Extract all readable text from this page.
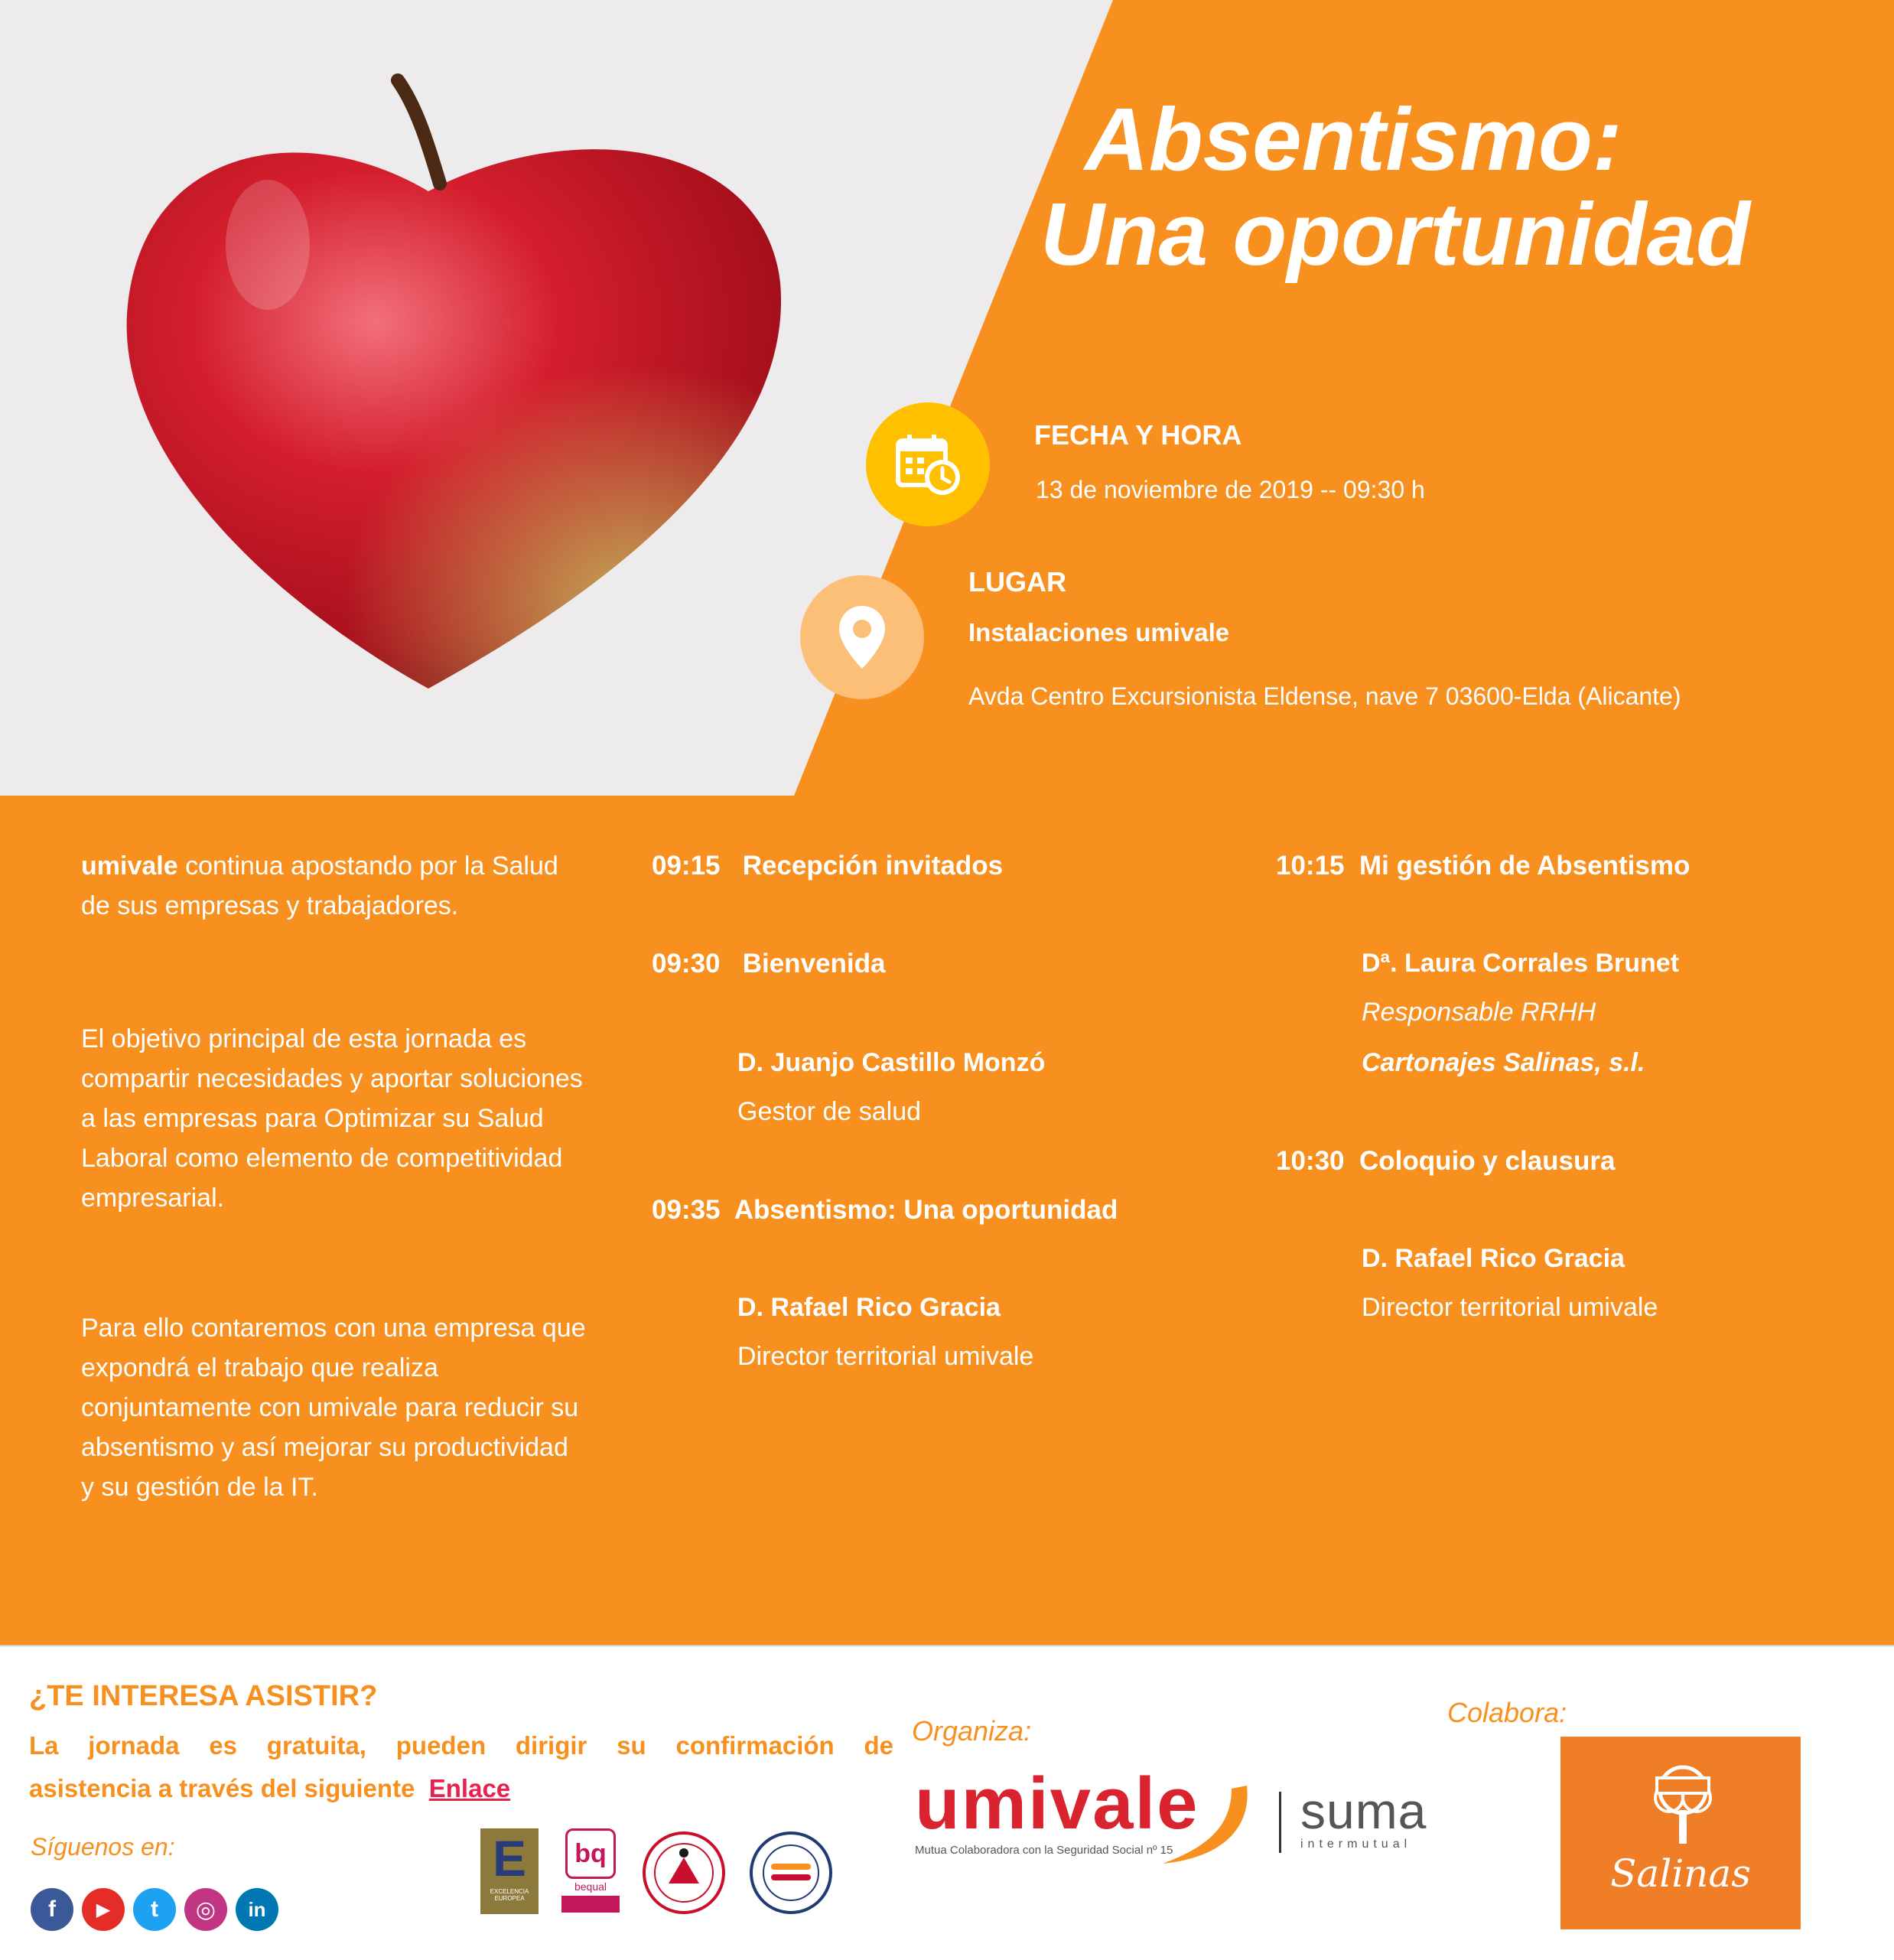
Absentismo:
Una oportunidad
FECHA Y HORA
13 de noviembre de 2019 -- 09:30 h
LUGAR
Instalaciones umivale
Avda Centro Excursionista Eldense, nave 7 03600-Elda (Alicante)
umivale continua apostando por la Salud de sus empresas y trabajadores.
El objetivo principal de esta jornada es compartir necesidades y aportar soluciones a las empresas para Optimizar su Salud Laboral como elemento de competitividad empresarial.
Para ello contaremos con una empresa que expondrá el trabajo que realiza conjuntamente con umivale para reducir su absentismo y así mejorar su productividad y su gestión de la IT.
09:15 Recepción invitados
09:30 Bienvenida
D. Juanjo Castillo Monzó
Gestor de salud
09:35 Absentismo: Una oportunidad
D. Rafael Rico Gracia
Director territorial umivale
10:15 Mi gestión de Absentismo
Dª. Laura Corrales Brunet
Responsable RRHH
Cartonajes Salinas, s.l.
10:30 Coloquio y clausura
D. Rafael Rico Gracia
Director territorial umivale
¿TE INTERESA ASISTIR?
La jornada es gratuita, pueden dirigir su confirmación de
asistencia a través del siguiente Enlace
Síguenos en:
f	▶	t	◎	in
E
EXCELENCIA
EUROPEA
bq
bequal
Organiza:
umivale
Mutua Colaboradora con la Seguridad Social nº 15
suma
intermutual
Colabora:
Salinas
